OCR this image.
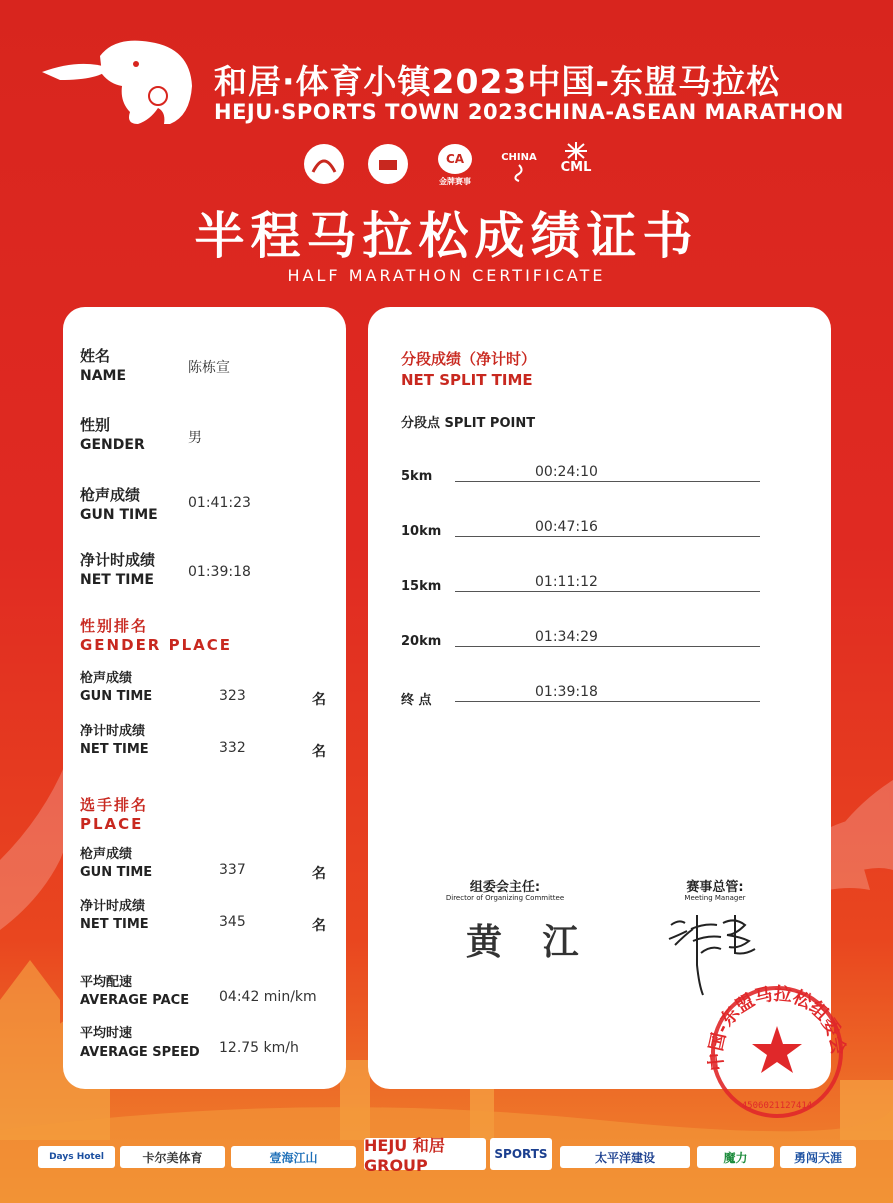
和居·体育小镇2023中国-东盟马拉松
HEJU·SPORTS TOWN 2023CHINA-ASEAN MARATHON
CA
金牌赛事
CHINA
CML
半程马拉松成绩证书
HALF MARATHON CERTIFICATE
姓名
NAME	陈栋宣
性别
GENDER	男
枪声成绩
GUN TIME
01:41:23
净计时成绩
NET TIME 01:39:18
性别排名
GENDER PLACE
枪声成绩
GUN TIME	323	名
净计时成绩
NET TIME	332	名
选手排名
PLACE
枪声成绩
GUN TIME	337	名
净计时成绩
NET TIME	345	名
平均配速
AVERAGE PACE 04:42 min/km
平均时速
AVERAGE SPEED 12.75 km/h
分段成绩（净计时）
NET SPLIT TIME
分段点 SPLIT POINT
5km	00:24:10
10km	00:47:16
15km	01:11:12
20km	01:34:29
终 点
01:39:18
组委会主任:
Director of Organizing Committee
黄 江
赛事总管:
Meeting Manager
中国-东盟马拉松组委会
4506021127414
Days Hotel	卡尔美体育	壹海江山
HEJU 和居 GROUP
SPORTS	太平洋建设	魔力	勇闯天涯
